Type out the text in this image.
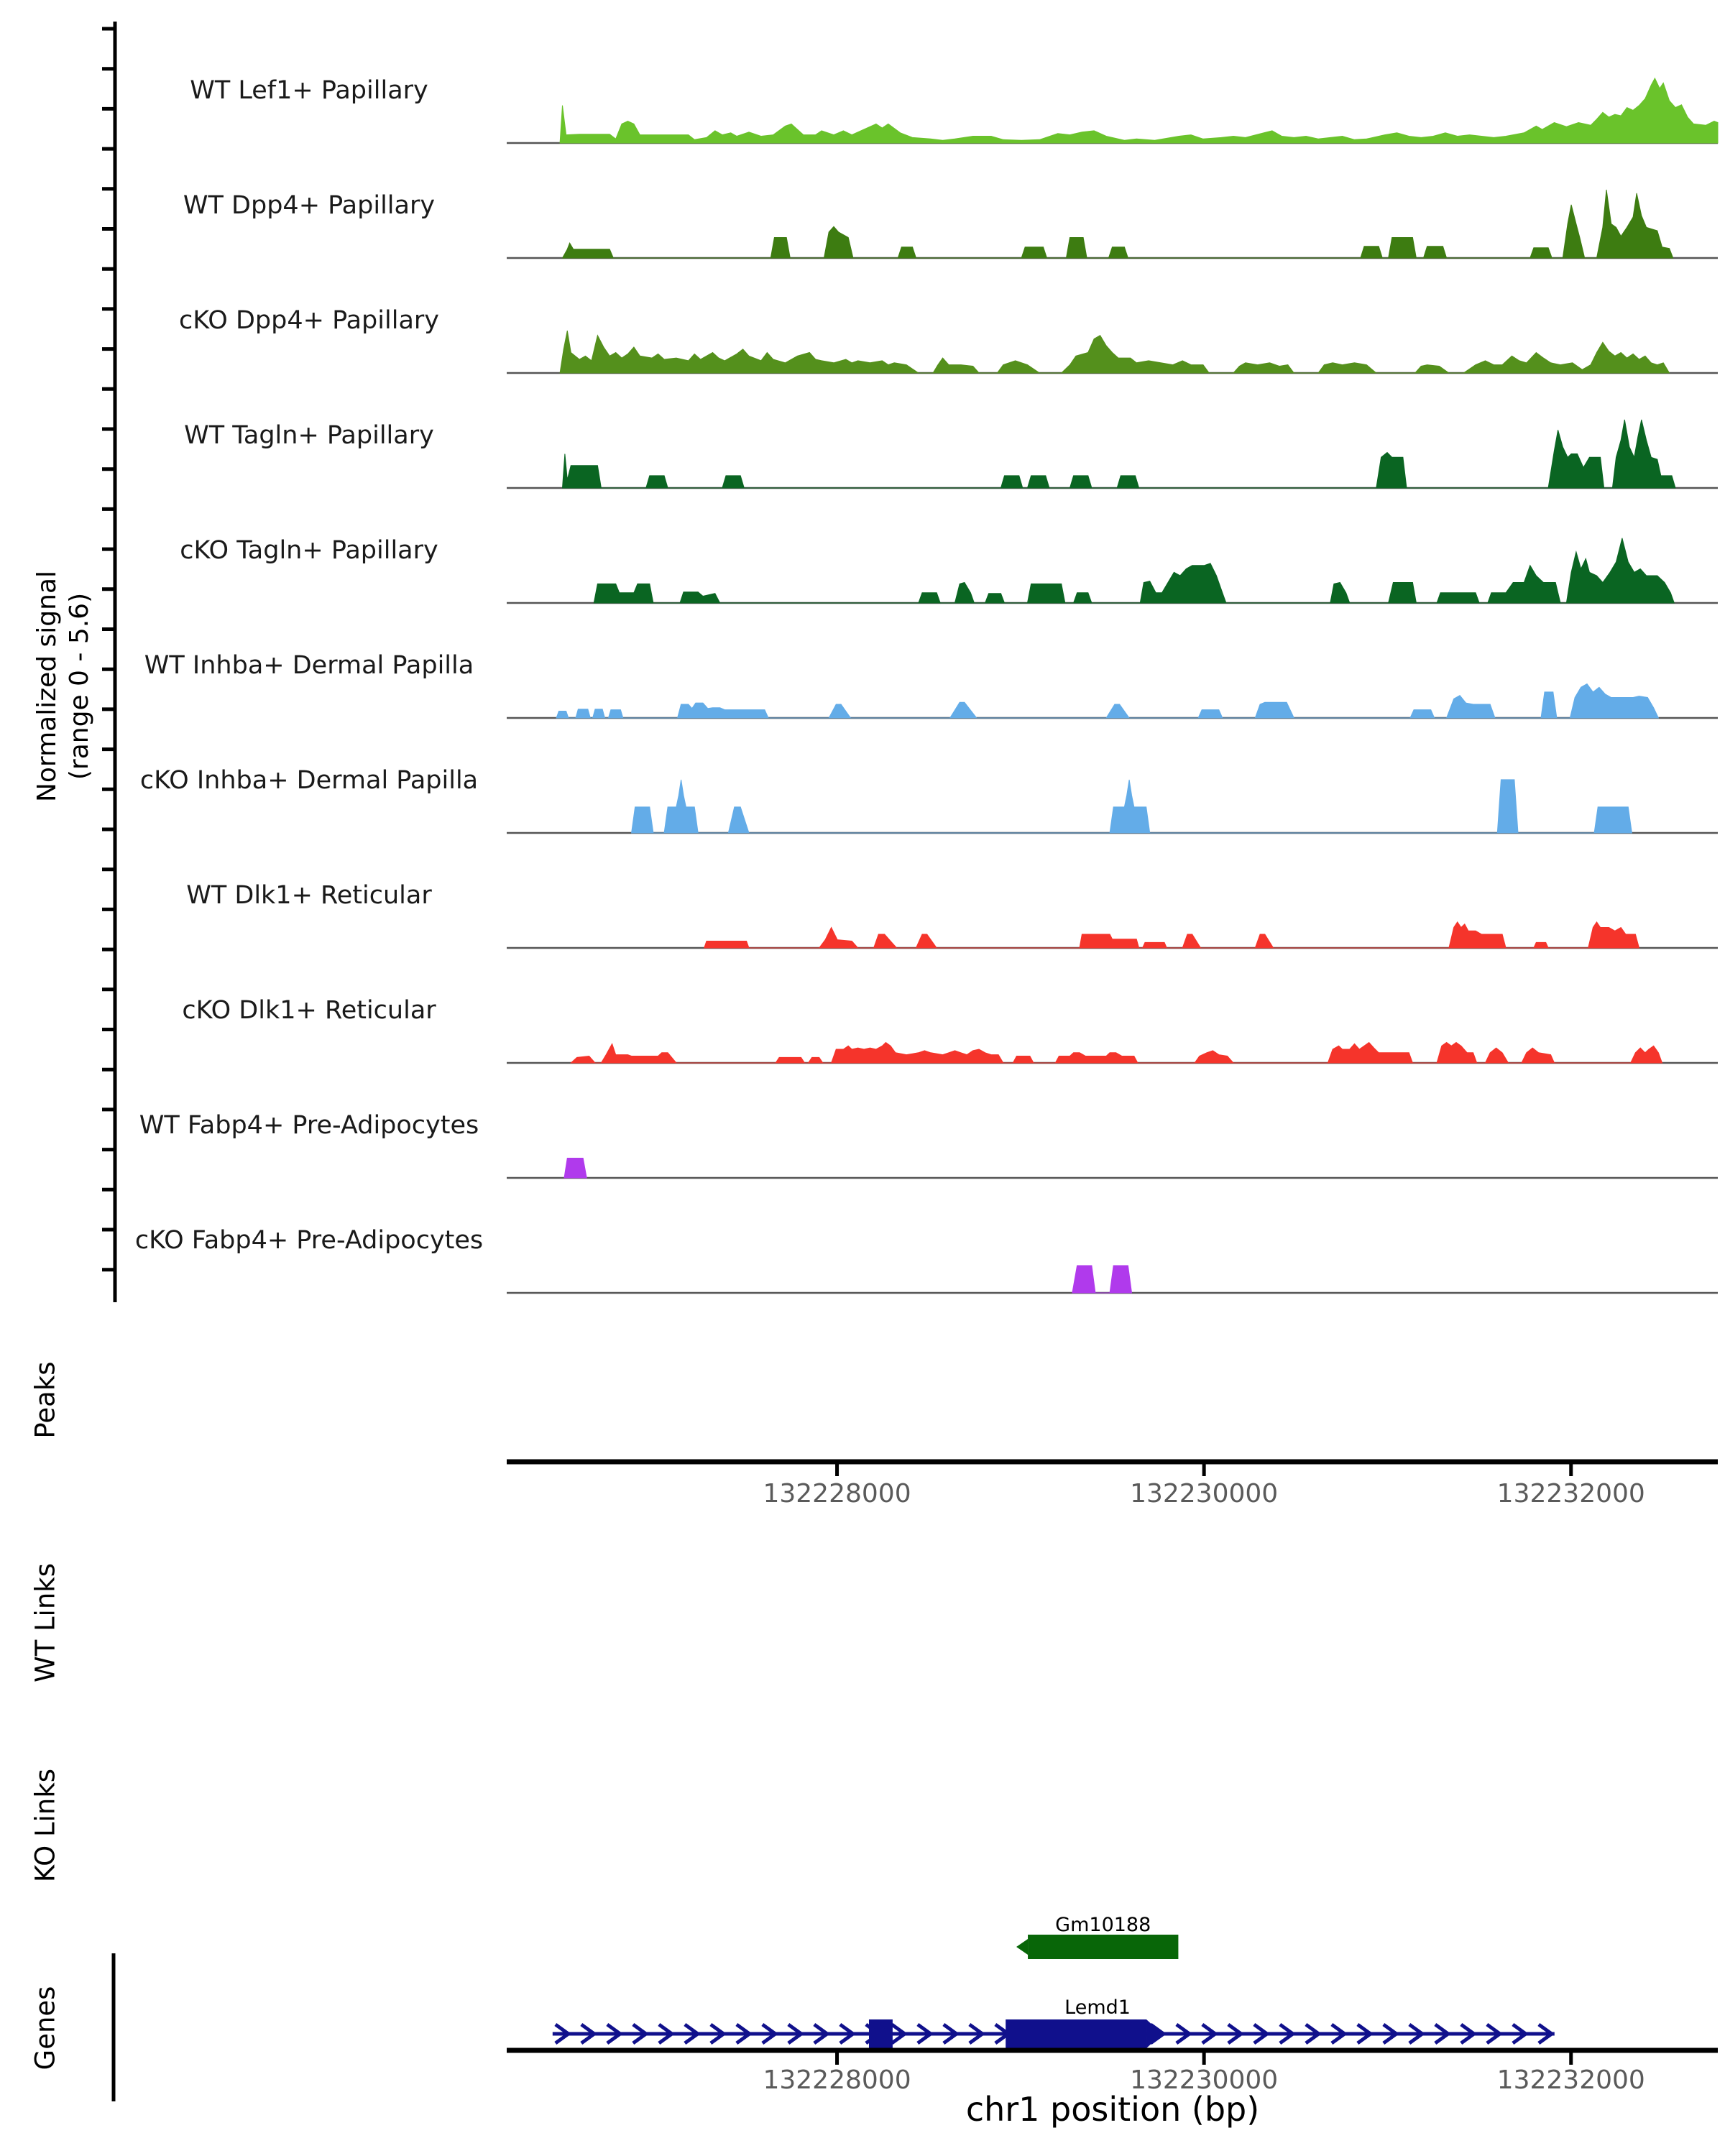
Normalized signal (range 0 - 5.6)
WT Lef1+ Papillary
WT Dpp4+ Papillary
cKO Dpp4+ Papillary
WT Tagln+ Papillary
cKO Tagln+ Papillary
WT Inhba+ Dermal Papilla
cKO Inhba+ Dermal Papilla
WT Dlk1+ Reticular
cKO Dlk1+ Reticular
WT Fabp4+ Pre-Adipocytes
cKO Fabp4+ Pre-Adipocytes
Peaks
WT Links
KO Links
Genes
132228000	132230000	132232000
132228000	132230000	132232000
chr1 position (bp)
Gm10188
Lemd1
